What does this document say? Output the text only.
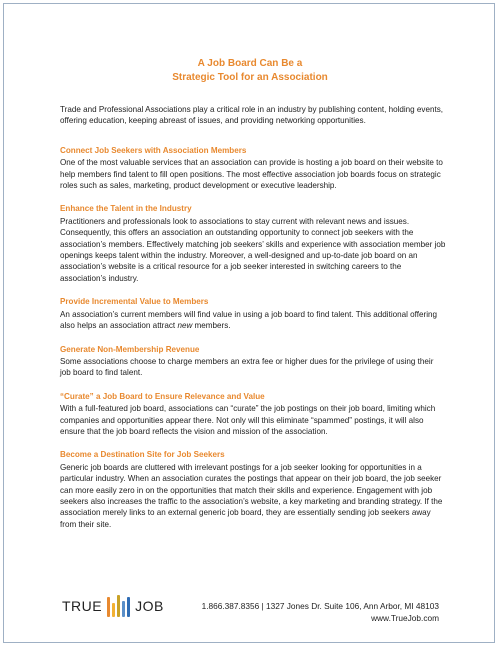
A Job Board Can Be a
Strategic Tool for an Association

Trade and Professional Associations play a critical role in an industry by publishing content, holding events, offering education, keeping abreast of issues, and providing networking opportunities.

Connect Job Seekers with Association Members

One of the most valuable services that an association can provide is hosting a job board on their website to help members find talent to fill open positions. The most effective association job boards focus on strategic roles such as sales, marketing, product development or executive leadership.

Enhance the Talent in the Industry

Practitioners and professionals look to associations to stay current with relevant news and issues. Consequently, this offers an association an outstanding opportunity to connect job seekers with the association’s members. Effectively matching job seekers’ skills and experience with association member job openings keeps talent within the industry. Moreover, a well-designed and up-to-date job board on an association’s website is a critical resource for a job seeker interested in switching careers to the association’s industry.

Provide Incremental Value to Members

An association’s current members will find value in using a job board to find talent. This additional offering also helps an association attract new members.

Generate Non-Membership Revenue

Some associations choose to charge members an extra fee or higher dues for the privilege of using their job board to find talent.

“Curate” a Job Board to Ensure Relevance and Value

With a full-featured job board, associations can “curate” the job postings on their job board, limiting which companies and opportunities appear there. Not only will this eliminate “spammed” postings, it will also ensure that the job board reflects the vision and mission of the association.

Become a Destination Site for Job Seekers

Generic job boards are cluttered with irrelevant postings for a job seeker looking for opportunities in a particular industry. When an association curates the postings that appear on their job board, the job seeker can more easily zero in on the opportunities that match their skills and experience. Engagement with job seekers also increases the traffic to the association’s website, a key marketing and branding strategy. If the association merely links to an external generic job board, they are essentially sending job seekers away from their site.

TRUE JOB	1.866.387.8356 | 1327 Jones Dr. Suite 106, Ann Arbor, MI 48103
www.TrueJob.com
